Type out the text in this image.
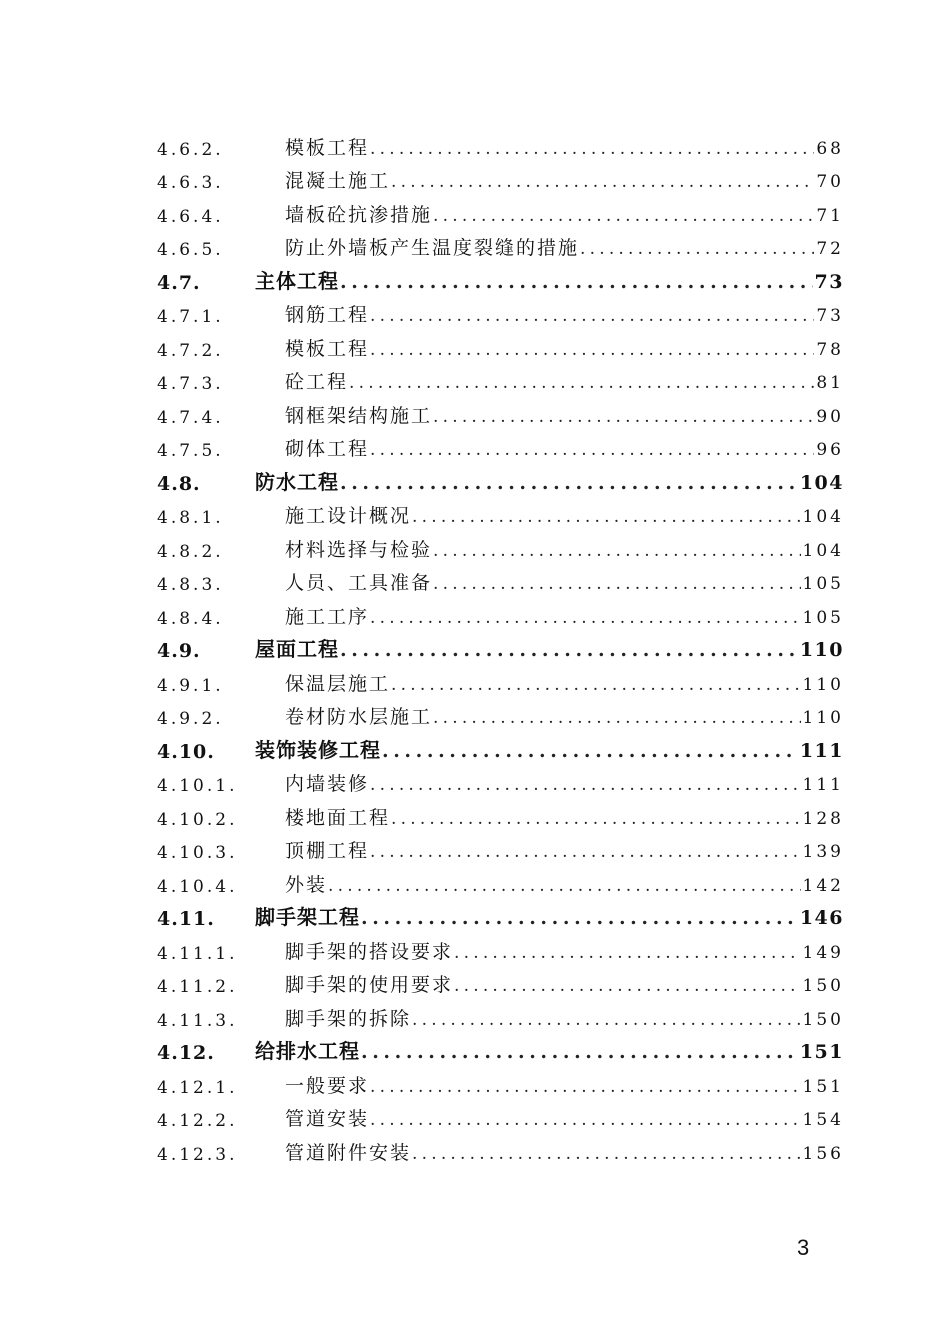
4.6.2.	模板工程 .....	68
4.6.3.	混凝土施工 .....	70
4.6.4.	墙板砼抗渗措施 .....	71
4.6.5.	防止外墙板产生温度裂缝的措施 .....	72
4.7.	主体工程 .....	73
4.7.1.	钢筋工程 .....	73
4.7.2.	模板工程 .....	78
4.7.3.	砼工程 .....	81
4.7.4.	钢框架结构施工 .....	90
4.7.5.	砌体工程 .....	96
4.8.	防水工程 .....	104
4.8.1.	施工设计概况 .....	104
4.8.2.	材料选择与检验 .....	104
4.8.3.	人员、工具准备 .....	105
4.8.4.	施工工序 .....	105
4.9.	屋面工程 .....	110
4.9.1.	保温层施工 .....	110
4.9.2.	卷材防水层施工 .....	110
4.10. 装饰装修工程 .....	111
4.10.1.	内墙装修 .....	111
4.10.2.	楼地面工程 .....	128
4.10.3.	顶棚工程 .....	139
4.10.4.	外装 .....	142
4.11. 脚手架工程 .....	146
4.11.1.	脚手架的搭设要求 .....	149
4.11.2.	脚手架的使用要求 .....	150
4.11.3.	脚手架的拆除 .....	150
4.12. 给排水工程 .....	151
4.12.1.	一般要求 .....	151
4.12.2.	管道安装 .....	154
4.12.3.	管道附件安装 .....	156
3
